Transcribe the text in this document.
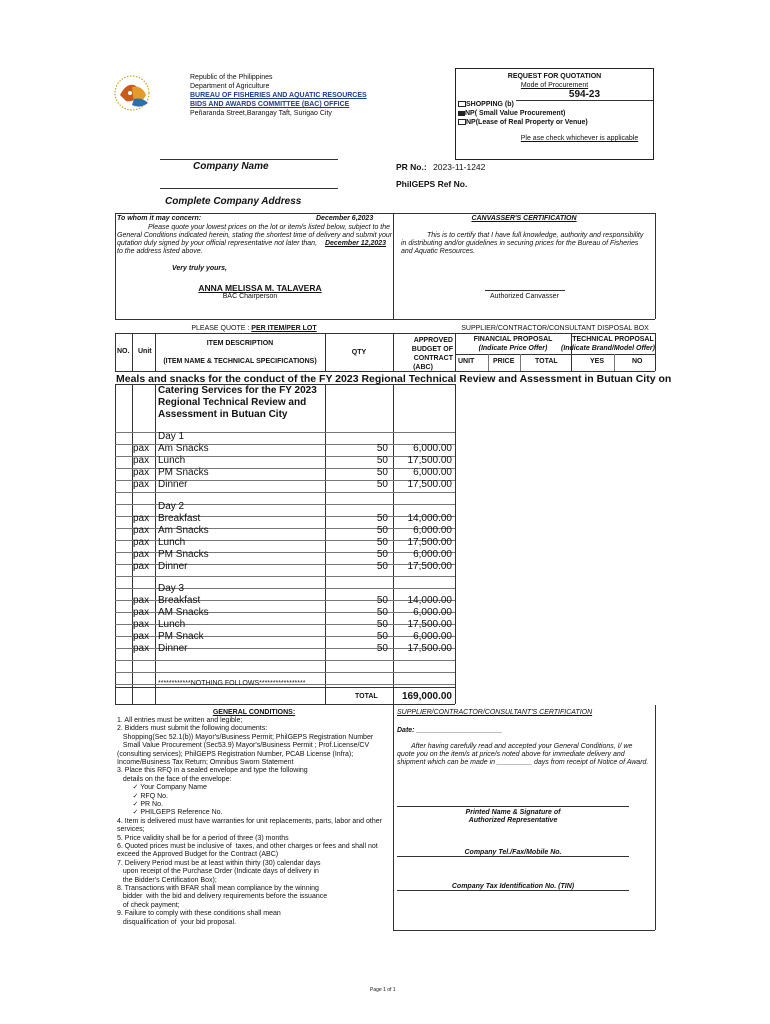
Republic of the Philippines
Department of Agriculture
BUREAU OF FISHERIES AND AQUATIC RESOURCES
BIDS AND AWARDS COMMITTEE (BAC) OFFICE
Peñaranda Street,Barangay Taft, Surigao City
REQUEST FOR QUOTATION
Mode of Procurement
594-23
SHOPPING (b)
NP( Small Value Procurement)
NP(Lease of Real Property or Venue)
Ple ase check whichever is applicable
Company Name
Complete Company Address
PR No.: 2023-11-1242
PhilGEPS Ref No.
To whom it may concern:	December 6,2023
Please quote your lowest prices on the lot or item/s listed below, subject to the
General Conditions indicated herein, stating the shortest time of delivery and submit your
qutation duly signed by your official representative not later than, December 12,2023
to the address listed above.
Very truly yours,
ANNA MELISSA M. TALAVERA
BAC Chairperson
CANVASSER'S CERTIFICATION
This is to certify that I have full knowledge, authority and responsibility
in distributing and/or guidelines in securing prices for the Bureau of Fisheries
and Aquatic Resources.
Authorized Canvasser
PLEASE QUOTE : PER ITEM/PER LOT	SUPPLIER/CONTRACTOR/CONSULTANT DISPOSAL BOX
NO. Unit
ITEM DESCRIPTION
(ITEM NAME & TECHNICAL SPECIFICATIONS)
QTY
APPROVED
BUDGET OF
CONTRACT
(ABC)
FINANCIAL PROPOSAL
(Indicate Price Offer)
TECHNICAL PROPOSAL
(Indicate Brand/Model Offer)
UNIT	PRICE	TOTAL	YES	NO
Meals and snacks for the conduct of the FY 2023 Regional Technical Review and Assessment in Butuan City on
Catering Services for the FY 2023
Regional Technical Review and
Assessment in Butuan City
Day 1
pax Am Snacks	50	6,000.00
pax Lunch	50	17,500.00
pax PM Snacks	50	6,000.00
pax Dinner	50	17,500.00
Day 2
pax Breakfast	50	14,000.00
pax Am Snacks	50	6,000.00
pax Lunch	50	17,500.00
pax PM Snacks	50	6,000.00
pax Dinner	50	17,500.00
Day 3
pax Breakfast	50	14,000.00
pax AM Snacks	50	6,000.00
pax Lunch	50	17,500.00
pax PM Snack	50	6,000.00
pax Dinner	50	17,500.00
************NOTHING FOLLOWS*****************
TOTAL	169,000.00
GENERAL CONDITIONS:
1. All entries must be written and legible;
2. Bidders must submit the following documents:
Shopping(Sec 52.1(b)) Mayor's/Business Permit; PhilGEPS Registration Number
Small Value Procurement (Sec53.9) Mayor's/Business Permit ; Prof.License/CV
(consulting services); PhilGEPS Registration Number, PCAB License (Infra);
Income/Business Tax Return; Omnibus Sworn Statement
3. Place this RFQ in a sealed envelope and type the following
details on the face of the envelope:
✓ Your Company Name
✓ RFQ No.
✓ PR No.
✓ PHILGEPS Reference No.
4. Item is delivered must have warranties for unit replacements, parts, labor and other
services;
5. Price validity shall be for a period of three (3) months
6. Quoted prices must be inclusive of  taxes, and other charges or fees and shall not
exceed the Approved Budget for the Contract (ABC)
7. Delivery Period must be at least within thirty (30) calendar days
upon receipt of the Purchase Order (Indicate days of delivery in
the Bidder's Certification Box);
8. Transactions with BFAR shall mean compliance by the winning
bidder  with the bid and delivery requirements before the issuance
of check payment;
9. Failure to comply with these conditions shall mean
disqualification of  your bid proposal.
SUPPLIER/CONTRACTOR/CONSULTANT'S CERTIFICATION
Date: ______________________
After having carefully read and accepted your General Conditions, I/ we
quote you on the item/s at price/s noted above for immediate delivery and
shipment which can be made in _________ days from receipt of Notice of Award.
Printed Name & Signature of
Authorized Representative
Company Tel./Fax/Mobile No.
Company Tax Identification No. (TIN)
Page 1 of 1
